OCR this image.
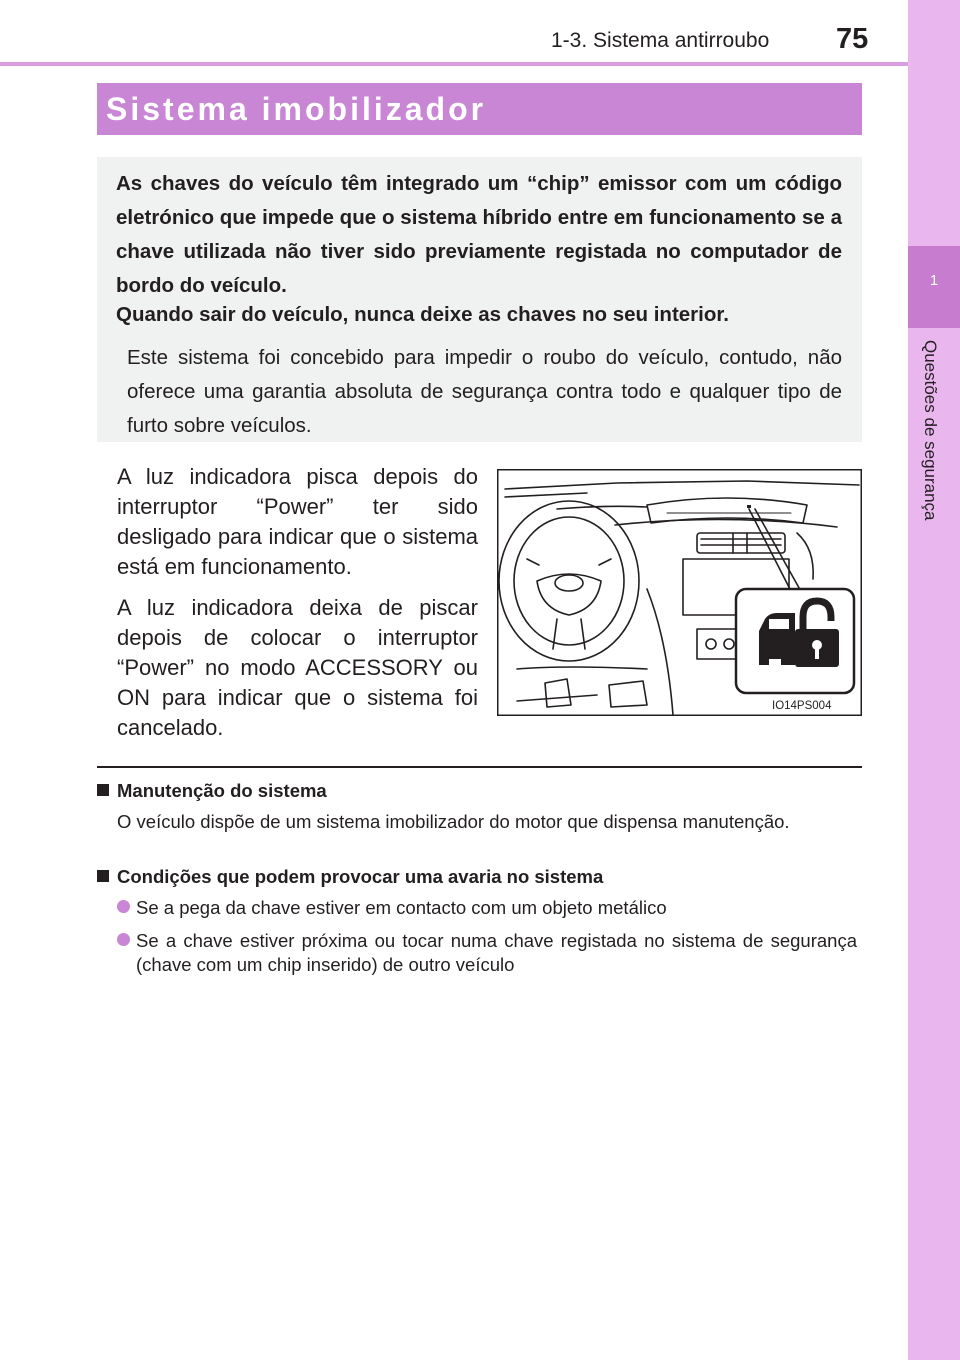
1
Questões de segurança
1-3. Sistema antirroubo 75
Sistema imobilizador

As chaves do veículo têm integrado um “chip” emissor com um código eletrónico que impede que o sistema híbrido entre em funcionamento se a chave utilizada não tiver sido previamente registada no computador de bordo do veículo.

Quando sair do veículo, nunca deixe as chaves no seu interior.

Este sistema foi concebido para impedir o roubo do veículo, contudo, não oferece uma garantia absoluta de segurança contra todo e qualquer tipo de furto sobre veículos.

A luz indicadora pisca depois do interruptor “Power” ter sido desligado para indicar que o sistema está em funcionamento.

A luz indicadora deixa de piscar depois de colocar o interruptor “Power” no modo ACCESSORY ou ON para indicar que o sistema foi cancelado.

IO14PS004
Manutenção do sistema

O veículo dispõe de um sistema imobilizador do motor que dispensa manutenção.

Condições que podem provocar uma avaria no sistema
Se a pega da chave estiver em contacto com um objeto metálico
Se a chave estiver próxima ou tocar numa chave registada no sistema de segurança (chave com um chip inserido) de outro veículo
